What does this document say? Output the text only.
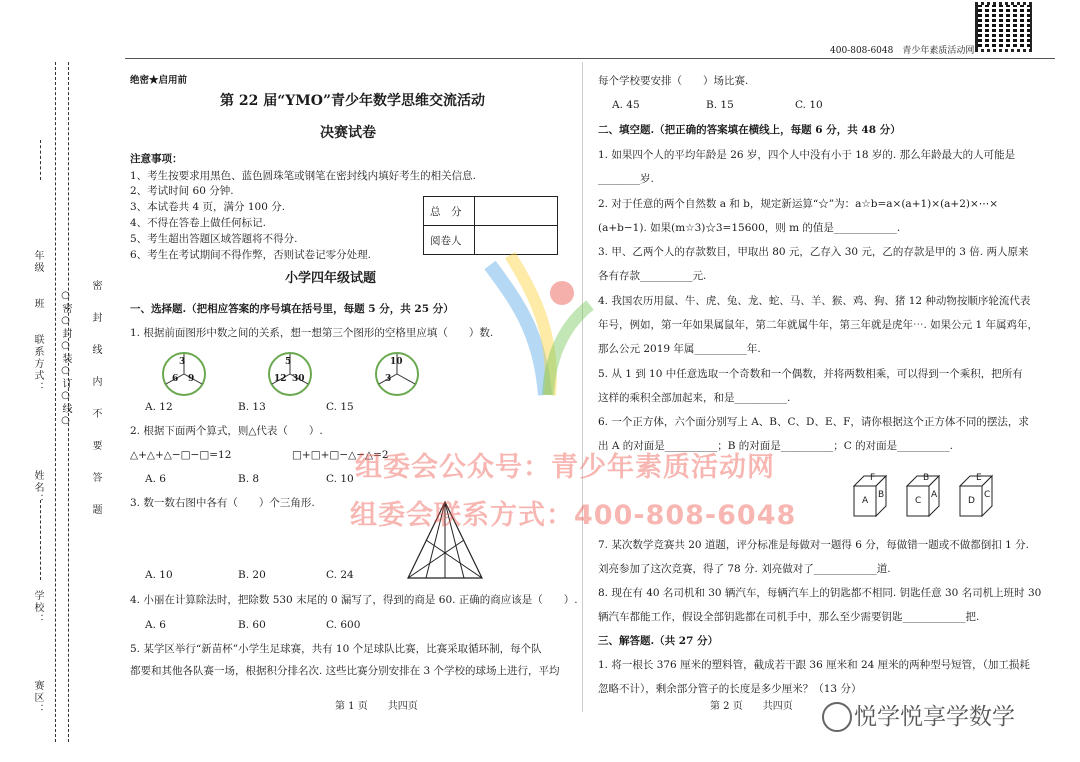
400-808-6048　青少年素质活动网
学校：
姓名：
年级　　班　　联系方式：
赛区：
○密○封○装○订○线○ 密　封　线　内　不　要　答　题
绝密★启用前
第 22 届“YMO”青少年数学思维交流活动
决赛试卷
注意事项：
1、考生按要求用黑色、蓝色圆珠笔或钢笔在密封线内填好考生的相关信息.
2、考试时间 60 分钟.
3、本试卷共 4 页，满分 100 分.
4、不得在答卷上做任何标记.
5、考生超出答题区域答题将不得分.
6、考生在考试期间不得作弊，否则试卷记零分处理.
总　分	
阅卷人	
小学四年级试题
一、选择题.（把相应答案的序号填在括号里，每题 5 分，共 25 分）
1. 根据前面图形中数之间的关系，想一想第三个图形的空格里应填（　　）数.
3
6 9
5
12 30
10
3
A. 12	B. 13	C. 15
2. 根据下面两个算式，则△代表（　　）.
△+△+△−□−□=12	□+□+□−△−△=2
A. 6	B. 8	C. 10
3. 数一数右图中各有（　　）个三角形.
A. 10	B. 20	C. 24
4. 小丽在计算除法时，把除数 530 末尾的 0 漏写了，得到的商是 60. 正确的商应该是（　　）.
A. 6	B. 60	C. 600
5. 某学区举行“新苗杯”小学生足球赛，共有 10 个足球队比赛，比赛采取循环制，每个队
都要和其他各队赛一场，根据积分排名次. 这些比赛分别安排在 3 个学校的球场上进行，平均
第 1 页　　共四页
每个学校要安排（　　）场比赛.
A. 45	B. 15	C. 10
二、填空题.（把正确的答案填在横线上，每题 6 分，共 48 分）
1. 如果四个人的平均年龄是 26 岁，四个人中没有小于 18 岁的. 那么年龄最大的人可能是
________岁.
2. 对于任意的两个自然数 a 和 b，规定新运算“☆”为：a☆b=a×(a+1)×(a+2)×⋯×
(a+b−1). 如果(m☆3)☆3=15600，则 m 的值是____________.
3. 甲、乙两个人的存款数目，甲取出 80 元，乙存入 30 元，乙的存款是甲的 3 倍. 两人原来
各有存款__________元.
4. 我国农历用鼠、牛、虎、兔、龙、蛇、马、羊、猴、鸡、狗、猪 12 种动物按顺序轮流代表
年号，例如，第一年如果属鼠年，第二年就属牛年，第三年就是虎年⋯. 如果公元 1 年属鸡年，
那么公元 2019 年属__________年.
5. 从 1 到 10 中任意选取一个奇数和一个偶数，并将两数相乘，可以得到一个乘积，把所有
这样的乘积全部加起来，和是__________.
6. 一个正方体，六个面分别写上 A、B、C、D、E、F，请你根据这个正方体不同的摆法，求
出 A 的对面是__________；B 的对面是__________；C 的对面是__________.
F
A
B
B
C
A
E
D
C
7. 某次数学竞赛共 20 道题，评分标准是每做对一题得 6 分，每做错一题或不做都倒扣 1 分.
刘亮参加了这次竞赛，得了 78 分. 刘亮做对了____________道.
8. 现在有 40 名司机和 30 辆汽车，每辆汽车上的钥匙都不相同. 钥匙任意 30 名司机上班时 30
辆汽车都能工作，假设全部钥匙都在司机手中，那么至少需要钥匙____________把.
三、解答题.（共 27 分）
1. 将一根长 376 厘米的塑料管，截成若干跟 36 厘米和 24 厘米的两种型号短管，（加工损耗
忽略不计），剩余部分管子的长度是多少厘米？（13 分）
第 2 页　　共四页
组委会公众号：青少年素质活动网
组委会联系方式：400-808-6048
悦学悦享学数学
